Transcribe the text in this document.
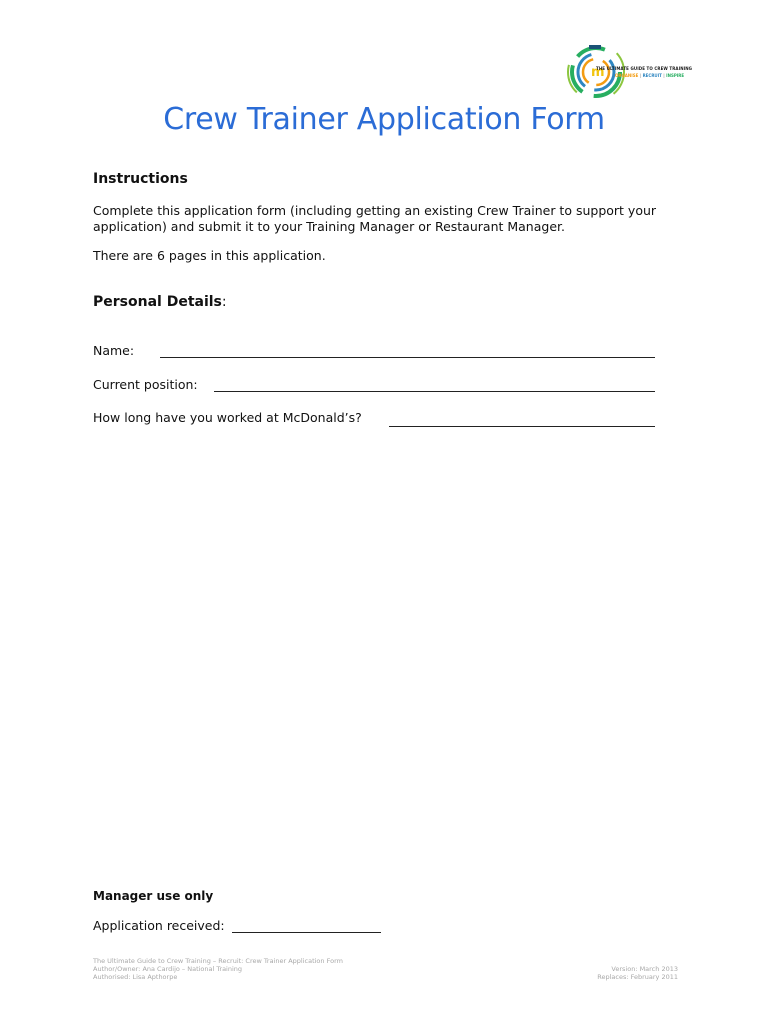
m
THE ULTIMATE GUIDE TO CREW TRAINING
ORGANISE | RECRUIT | INSPIRE
Crew Trainer Application Form
Instructions
Complete this application form (including getting an existing Crew Trainer to support your
application) and submit it to your Training Manager or Restaurant Manager.
There are 6 pages in this application.
Personal Details:
Name:
Current position:
How long have you worked at McDonald’s?
Manager use only
Application received:
The Ultimate Guide to Crew Training – Recruit: Crew Trainer Application Form
Author/Owner: Ana Cardijo – National Training
Authorised: Lisa Apthorpe
Version: March 2013
Replaces: February 2011
